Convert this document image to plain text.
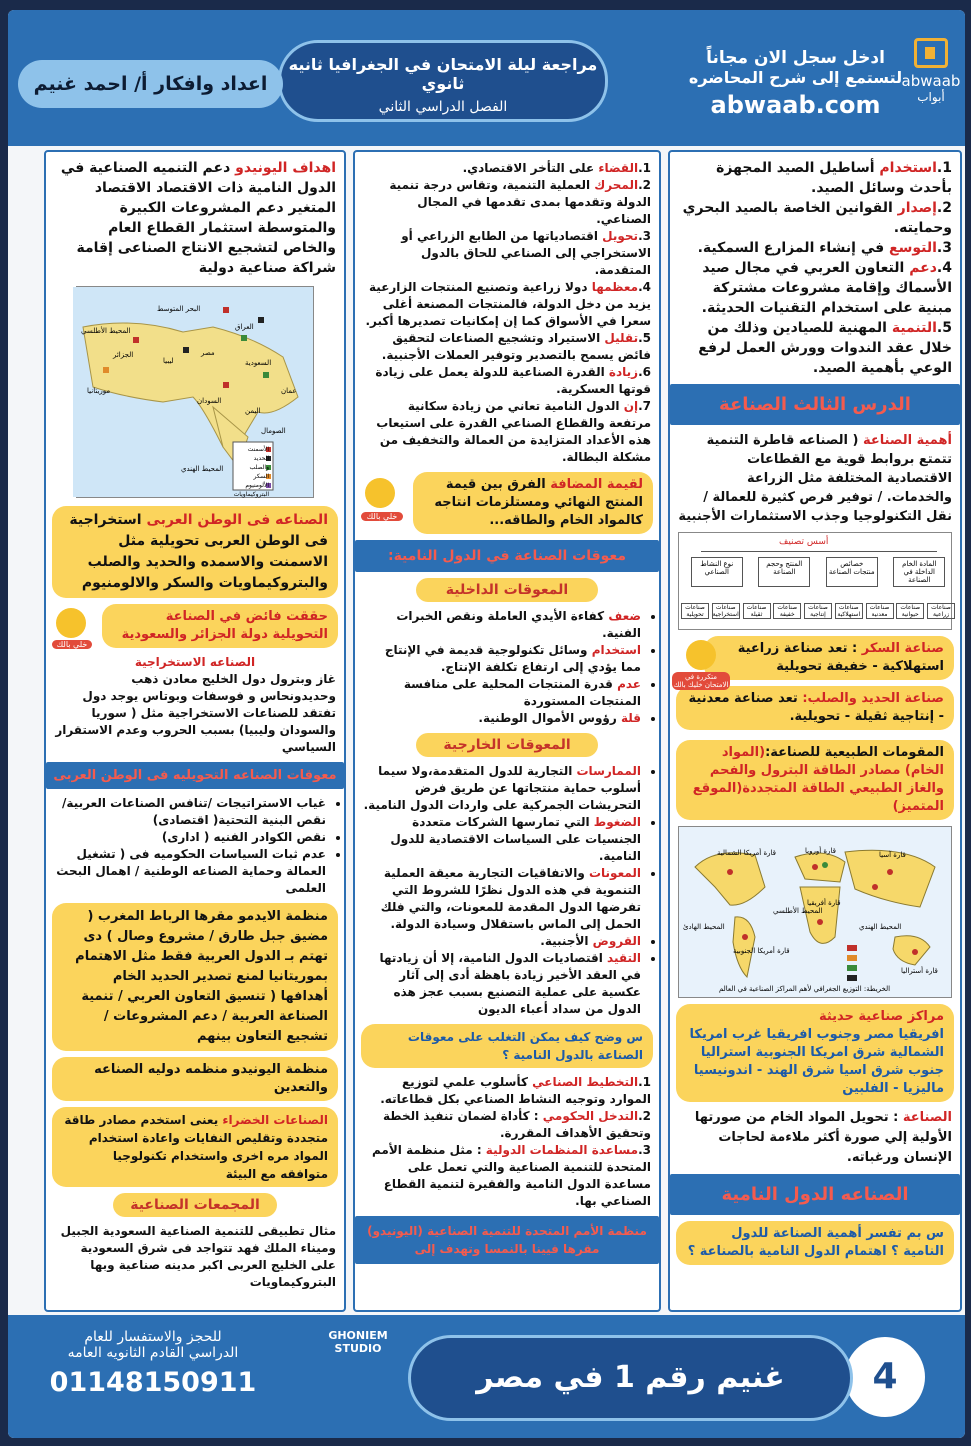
abwaab
أبواب
ادخل سجل الان مجاناً
لتستمع إلى شرح المحاضره
abwaab.com
مراجعة ليلة الامتحان في الجغرافيا ثانيه ثانوي
الفصل الدراسي الثاني
اعداد وافكار أ/ احمد غنيم
1.استخدام أساطيل الصيد المجهزة بأحدث وسائل الصيد.
2.إصدار القوانين الخاصة بالصيد البحري وحمايته.
3.التوسع في إنشاء المزارع السمكية.
4.دعم التعاون العربي في مجال صيد الأسماك وإقامة مشروعات مشتركة مبنية على استخدام التقنيات الحديثة.
5.التنمية المهنية للصيادين وذلك من خلال عقد الندوات وورش العمل لرفع الوعي بأهمية الصيد.
الدرس الثالث الصناعة
أهمية الصناعة ( الصناعه قاطرة التنمية تتمتع بروابط قوية مع القطاعات الاقتصادية المختلفة مثل الزراعة والخدمات. / توفير فرص كثيرة للعمالة / نقل التكنولوجيا وجذب الاستثمارات الأجنبية
أسس تصنيف
المادة الخام الداخلة في الصناعة
خصائص منتجات الصناعة
المنتج وحجم الصناعة
نوع النشاط الصناعي
صناعات زراعية
صناعات حيوانية
صناعات معدنية
صناعات استهلاكية
صناعات إنتاجية
صناعات خفيفة
صناعات ثقيلة
صناعات استخراجية
صناعات تحويلية
صناعة السكر : تعد صناعة زراعية استهلاكية - خفيفة تحويلية
متكررة في الامتحان خليك بالك
صناعة الحديد والصلب: تعد صناعة معدنية - إنتاجية ثقيلة - تحويلية.
المقومات الطبيعية للصناعة:(المواد الخام) مصادر الطاقة البترول والفحم والغاز الطبيعي الطاقة المتجددة(الموقع المتميز)
قارة أمريكا الشمالية	قارة أوروبا	قارة آسيا
قارة أفريقيا
قارة أمريكا الجنوبية
قارة أستراليا
المحيط الهادئ
المحيط الأطلسي
المحيط الهندي
الخريطة: التوزيع الجغرافي لأهم المراكز الصناعية في العالم
مراكز صناعية حديثة
افريقيا مصر وجنوب افريقيا غرب امريكا الشمالية شرق امريكا الجنوبية استراليا جنوب شرق اسيا شرق الهند - اندونيسيا ماليزيا - الفلبين
الصناعة : تحويل المواد الخام من صورتها الأولية إلي صورة أكثر ملاءمة لحاجات الإنسان ورغباته.
الصناعه الدول النامية
س بم تفسر أهمية الصناعة للدول النامية ؟ اهتمام الدول النامية بالصناعة ؟
1.القضاء على التأخر الاقتصادي.
2.المحرك العملية التنمية، وتقاس درجة تنمية الدولة وتقدمها بمدى تقدمها في المجال الصناعي.
3.تحويل اقتصادياتها من الطابع الزراعي أو الاستخراجي إلى الصناعي للحاق بالدول المتقدمة.
4.معظمها دولا زراعية وتصنيع المنتجات الزارعية يزيد من دخل الدولة، فالمنتجات المصنعة أغلى سعرا في الأسواق كما إن إمكانيات تصديرها أكبر.
5.تقليل الاستيراد وتشجيع الصناعات لتحقيق فائض يسمح بالتصدير وتوفير العملات الأجنبية.
6.زيادة القدرة الصناعية للدولة يعمل على زيادة قوتها العسكرية.
7.إن الدول النامية تعاني من زيادة سكانية مرتفعة والقطاع الصناعي القدرة على استيعاب هذه الأعداد المتزايدة من العمالة والتخفيف من مشكلة البطالة.
خلي بالك
لقيمة المضافة الفرق بين قيمة المنتج النهائي ومستلزمات انتاجه كالمواد الخام والطاقه...
معوقات الصناعة في الدول النامية:
المعوقات الداخلية
• ضعف كفاءة الأيدي العاملة ونقص الخبرات الفنية.
• استخدام وسائل تكنولوجية قديمة في الإنتاج مما يؤدي إلى ارتفاع تكلفة الإنتاج.
• عدم قدرة المنتجات المحلية على منافسة المنتجات المستوردة
• قلة رؤوس الأموال الوطنية.
المعوقات الخارجية
• الممارسات التجارية للدول المتقدمة،ولا سيما أسلوب حماية منتجاتها عن طريق فرض التحريشات الجمركية على واردات الدول النامية.
• الضغوط التي تمارسها الشركات متعددة الجنسيات على السياسات الاقتصادية للدول النامية.
• المعونات والاتفاقيات التجارية معيقة العملية التنموية في هذه الدول نظرًا للشروط التي تفرضها الدول المقدمة للمعونات، والتي فلك الحمل إلى الماس باستقلال وسيادة الدولة.
• القروض الأجنبية.
• التقيد اقتصاديات الدول النامية، إلا أن زيادتها في العقد الأخير زيادة باهظة أدى إلى آثار عكسية على عملية التصنيع بسبب عجز هذه الدول من سداد أعباء الديون
س وضح كيف يمكن التغلب على معوقات الصناعة بالدول النامية ؟
1.التخطيط الصناعي كأسلوب علمي لتوزيع الموارد وتوجيه النشاط الصناعي بكل قطاعاته.
2.التدخل الحكومي : كأداة لضمان تنفيذ الخطة وتحقيق الأهداف المقررة.
3.مساعدة المنظمات الدولية : مثل منظمة الأمم المتحدة للتنمية الصناعية والتي تعمل على مساعدة الدول النامية والفقيرة لتنمية القطاع الصناعي بها.
منظمة الأمم المتحدة للتنمية الصناعية (اليونيدو) مقرها فيينا بالنمسا وتهدف إلى
اهداف اليونيدو دعم التنميه الصناعية في الدول النامية ذات الاقتصاد الاقتصاد المتغير دعم المشروعات الكبيرة والمتوسطة استثمار القطاع العام والخاص لتشجيع الانتاج الصناعى إقامة شراكة صناعية دولية
الجزائر
ليبيا
مصر
السودان
السعودية
اليمن
عمان
العراق
موريتانيا
الصومال
البحر المتوسط
المحيط الأطلسي
المحيط الهندي
الأسمنت
الحديد والصلب
السكر
الألومنيوم
البتروكيماويات
الصناعه فى الوطن العربى استخراجية فى الوطن العربى تحويلية مثل الاسمنت والاسمده والحديد والصلب والبتروكيماويات والسكر والالومنيوم
خلي بالك
حققت فائض في الصناعة التحويلية دولة الجزائر والسعودية
الصناعه الاستخراجية
غاز وبترول دول الخليج معادن ذهب وحديدونحاس و فوسفات وبوتاس يوجد دول تفتقد للصناعات الاستخراجية مثل ( سوريا والسودان وليبيا) بسبب الحروب وعدم الاستقرار السياسي
معوقات الصناعه التحويليه فى الوطن العربى
• غياب الاستراتيجات /تنافس الصناعات العربية/ نقص البنية التحتية( اقتصادى)
• نقص الكوادر الفنيه ( ادارى)
• عدم ثبات السياسات الحكوميه فى ( تشغيل العمالة وحماية الصناعه الوطنية / اهمال البحث العلمى
منظمة الايدمو مقرها الرباط المغرب ( مضيق جبل طارق / مشروع وصال ) دى تهتم بـ الدول العربية فقط مثل الاهتمام بموريتانيا لمنع تصدير الحديد الخام أهدافها ( تنسيق التعاون العربي / تنمية الصناعة العربية / دعم المشروعات / تشجيع التعاون بينهم
منظمة اليونيدو منظمه دوليه الصناعه والتعدين
الصناعات الخضراء يعنى استخدم مصادر طاقة متجددة وتقليص النفايات واعادة استخدام المواد مره اخرى واستخدام تكنولوجيا متوافقه مع البيئة
المجمعات الصناعية
مثال تطبيقى للتنمية الصناعية السعودية الجبيل وميناء الملك فهد تتواجد فى شرق السعودية على الخليج العربى اكبر مدينه صناعية وبها البتروكيماويات
4
غنيم رقم 1 في مصر
GHONIEM STUDIO
للحجز والاستفسار للعام
الدراسي القادم الثانويه العامه
01148150911
